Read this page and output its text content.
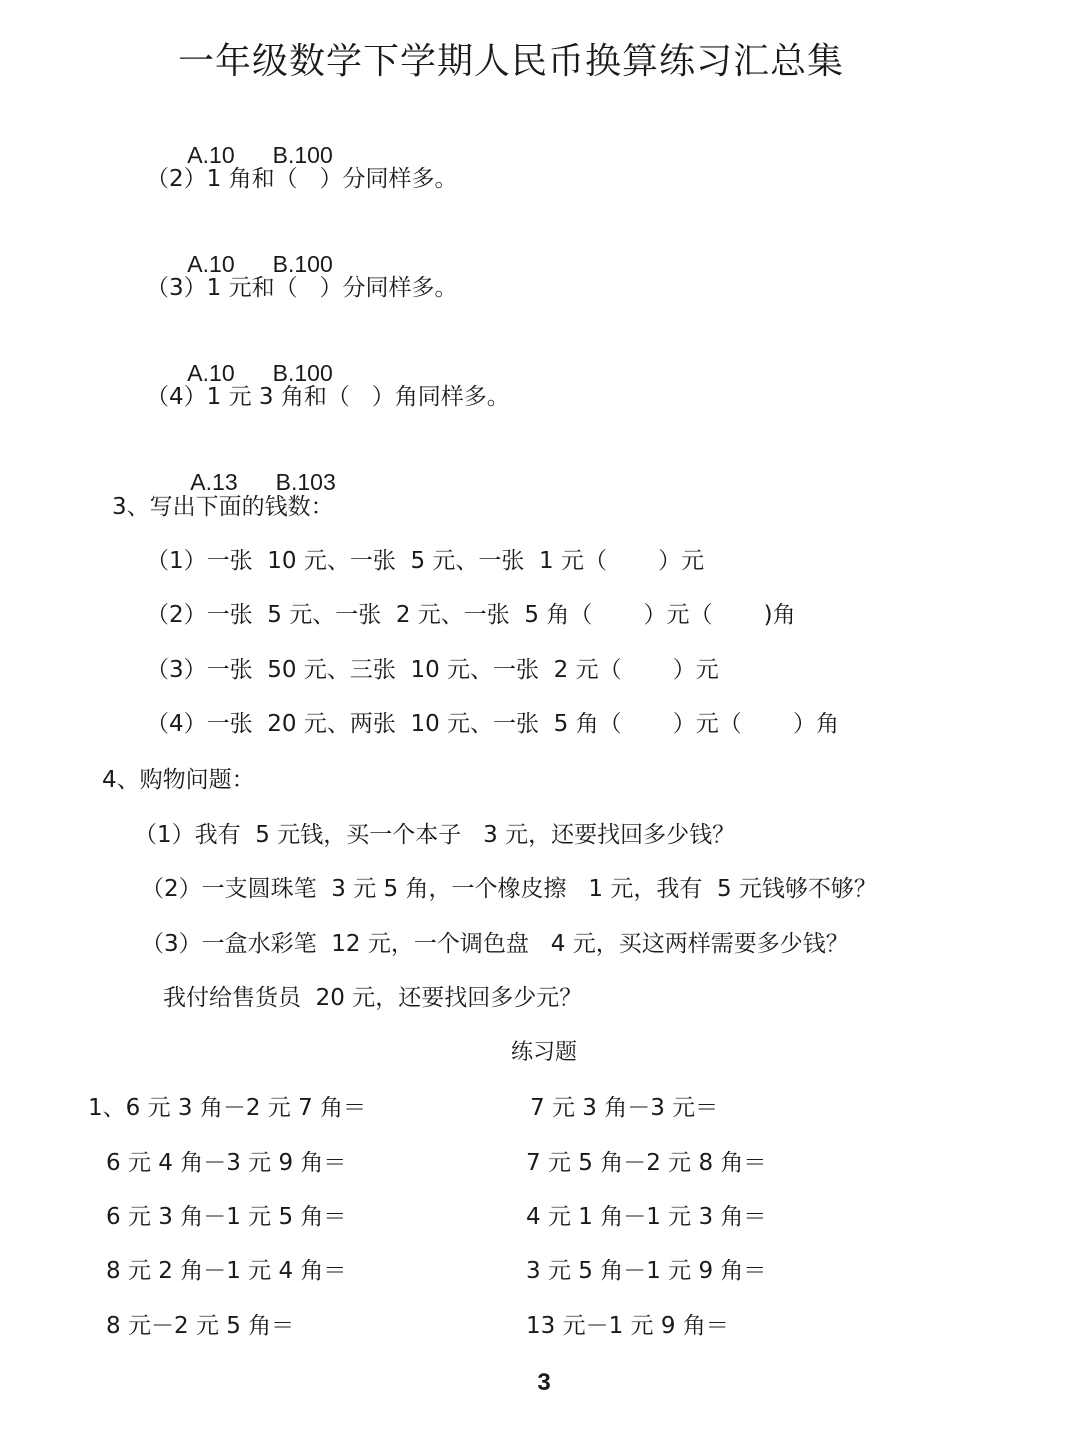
一年级数学下学期人民币换算练习汇总集

A.10 B.100

（2）1 角和（   ）分同样多。

A.10 B.100

（3）1 元和（   ）分同样多。

A.10 B.100

（4）1 元 3 角和（   ）角同样多。

A.13 B.103

3、写出下面的钱数：
（1）一张  10 元、一张  5 元、一张  1 元（       ）元
（2）一张  5 元、一张  2 元、一张  5 角（       ）元（       )角
（3）一张  50 元、三张  10 元、一张  2 元（       ）元
（4）一张  20 元、两张  10 元、一张  5 角（       ）元（       ）角
4、购物问题：
（1）我有  5 元钱，买一个本子   3 元，还要找回多少钱？
（2）一支圆珠笔  3 元 5 角，一个橡皮擦   1 元，我有  5 元钱够不够？
（3）一盒水彩笔  12 元，一个调色盘   4 元，买这两样需要多少钱？
我付给售货员  20 元，还要找回多少元？
练习题
1、6 元 3 角－2 元 7 角＝
6 元 4 角－3 元 9 角＝
6 元 3 角－1 元 5 角＝
8 元 2 角－1 元 4 角＝
8 元－2 元 5 角＝
7 元 3 角－3 元＝
7 元 5 角－2 元 8 角＝
4 元 1 角－1 元 3 角＝
3 元 5 角－1 元 9 角＝
13 元－1 元 9 角＝
3
